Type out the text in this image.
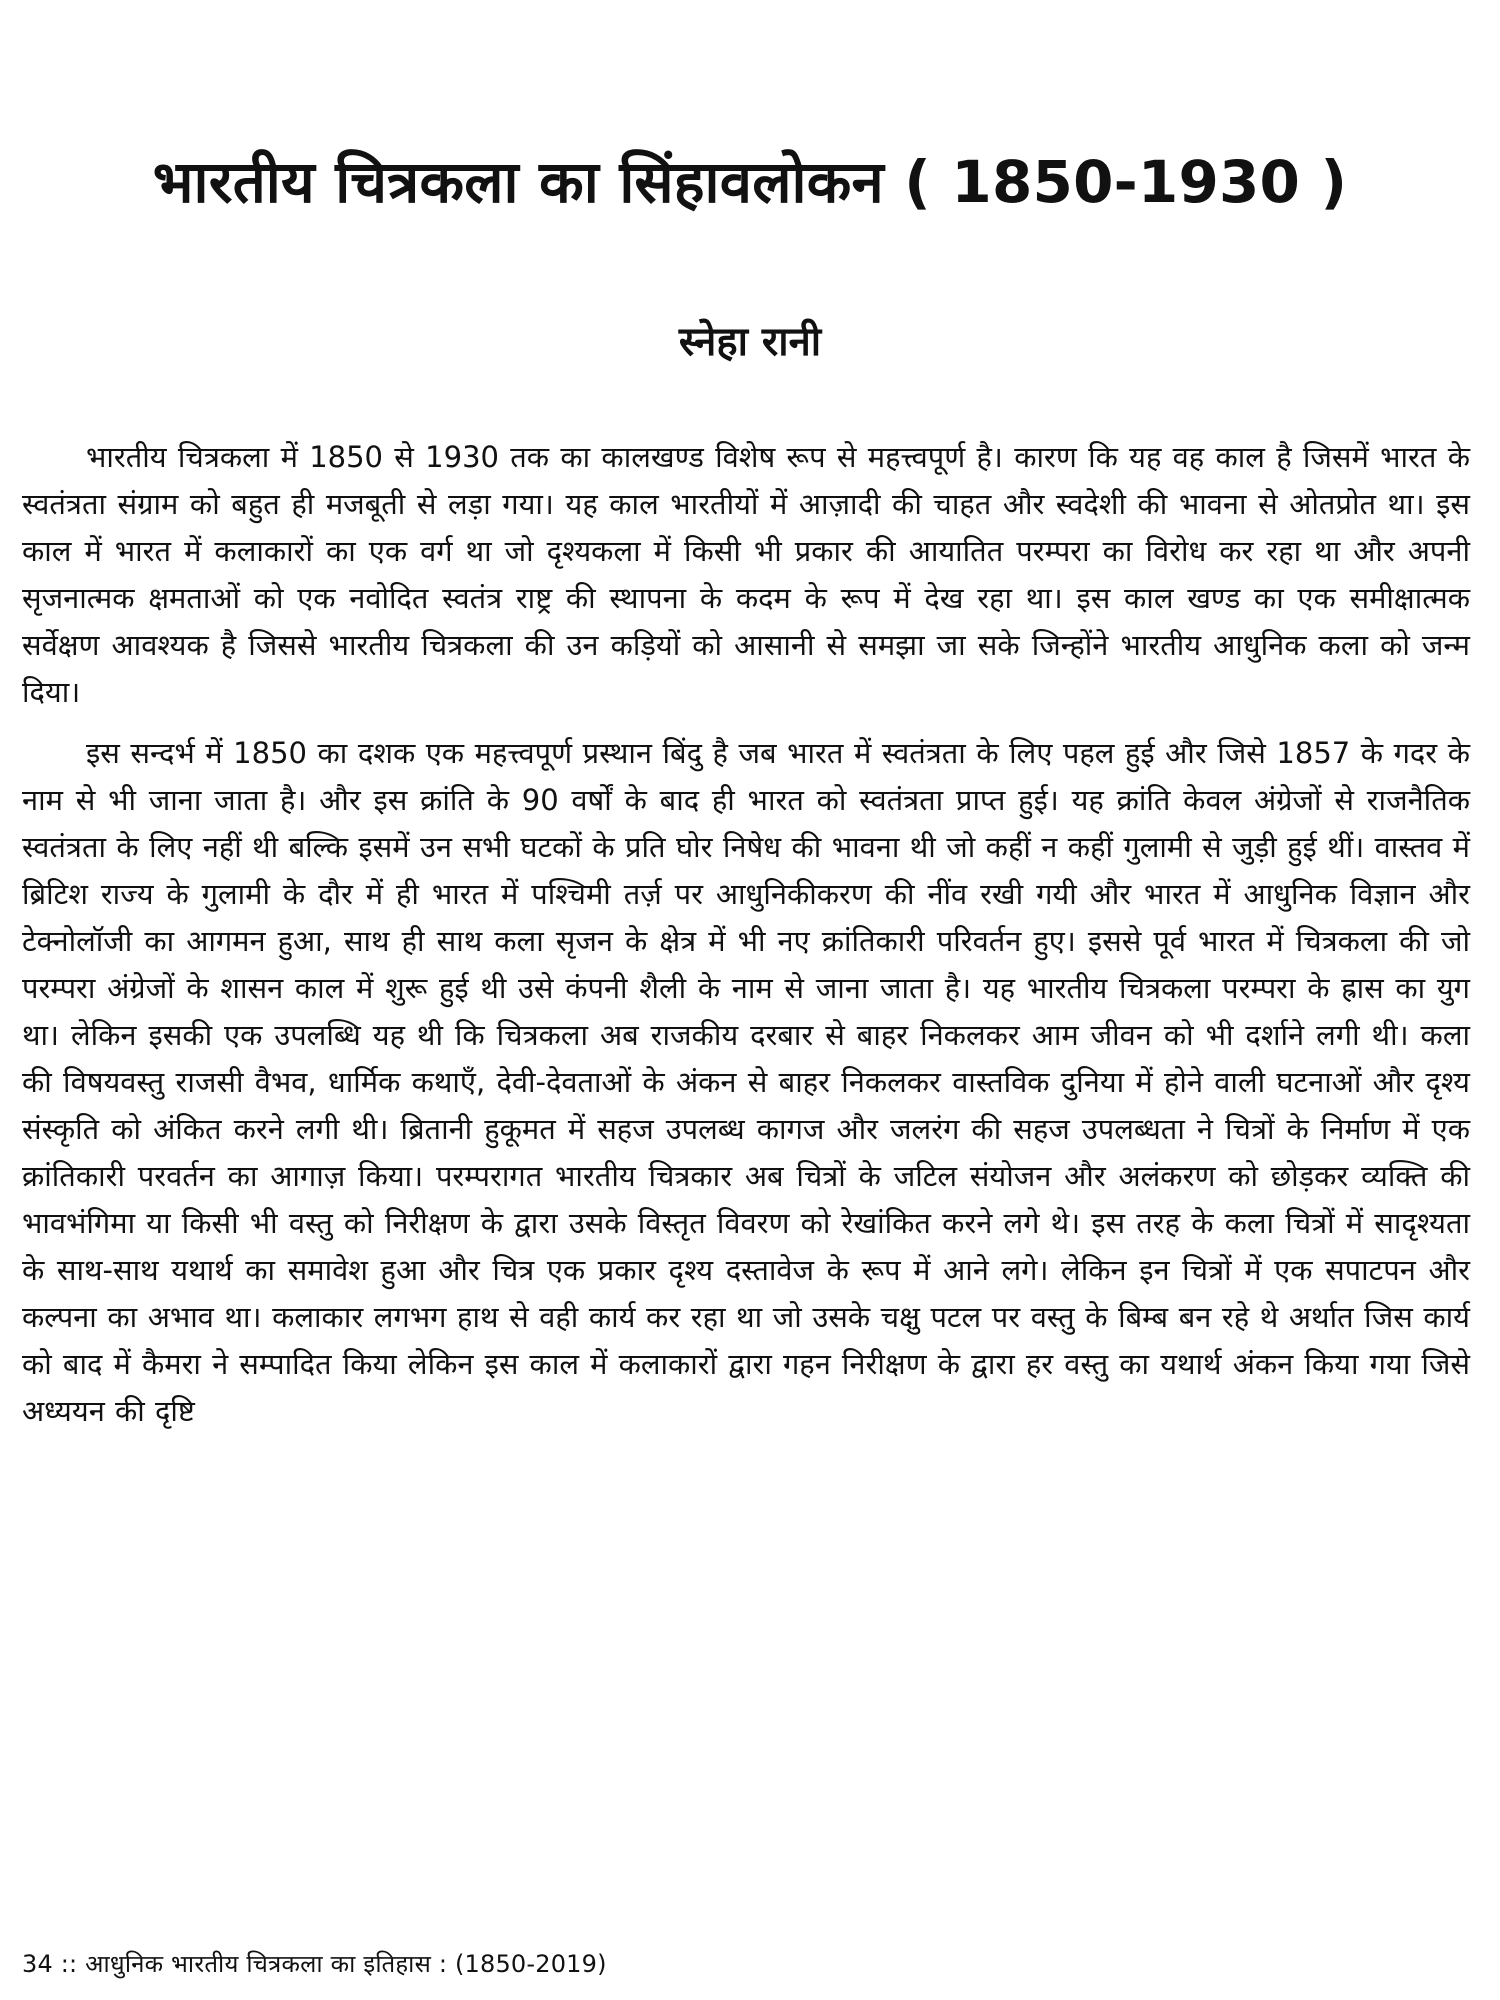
भारतीय चित्रकला का सिंहावलोकन ( 1850-1930 )
स्नेहा रानी

भारतीय चित्रकला में 1850 से 1930 तक का कालखण्ड विशेष रूप से महत्त्वपूर्ण है। कारण कि यह वह काल है जिसमें भारत के स्वतंत्रता संग्राम को बहुत ही मजबूती से लड़ा गया। यह काल भारतीयों में आज़ादी की चाहत और स्वदेशी की भावना से ओतप्रोत था। इस काल में भारत में कलाकारों का एक वर्ग था जो दृश्यकला में किसी भी प्रकार की आयातित परम्परा का विरोध कर रहा था और अपनी सृजनात्मक क्षमताओं को एक नवोदित स्वतंत्र राष्ट्र की स्थापना के कदम के रूप में देख रहा था। इस काल खण्ड का एक समीक्षात्मक सर्वेक्षण आवश्यक है जिससे भारतीय चित्रकला की उन कड़ियों को आसानी से समझा जा सके जिन्होंने भारतीय आधुनिक कला को जन्म दिया।

इस सन्दर्भ में 1850 का दशक एक महत्त्वपूर्ण प्रस्थान बिंदु है जब भारत में स्वतंत्रता के लिए पहल हुई और जिसे 1857 के गदर के नाम से भी जाना जाता है। और इस क्रांति के 90 वर्षों के बाद ही भारत को स्वतंत्रता प्राप्त हुई। यह क्रांति केवल अंग्रेजों से राजनैतिक स्वतंत्रता के लिए नहीं थी बल्कि इसमें उन सभी घटकों के प्रति घोर निषेध की भावना थी जो कहीं न कहीं गुलामी से जुड़ी हुई थीं। वास्तव में ब्रिटिश राज्य के गुलामी के दौर में ही भारत में पश्चिमी तर्ज़ पर आधुनिकीकरण की नींव रखी गयी और भारत में आधुनिक विज्ञान और टेक्नोलॉजी का आगमन हुआ, साथ ही साथ कला सृजन के क्षेत्र में भी नए क्रांतिकारी परिवर्तन हुए। इससे पूर्व भारत में चित्रकला की जो परम्परा अंग्रेजों के शासन काल में शुरू हुई थी उसे कंपनी शैली के नाम से जाना जाता है। यह भारतीय चित्रकला परम्परा के ह्रास का युग था। लेकिन इसकी एक उपलब्धि यह थी कि चित्रकला अब राजकीय दरबार से बाहर निकलकर आम जीवन को भी दर्शाने लगी थी। कला की विषयवस्तु राजसी वैभव, धार्मिक कथाएँ, देवी-देवताओं के अंकन से बाहर निकलकर वास्तविक दुनिया में होने वाली घटनाओं और दृश्य संस्कृति को अंकित करने लगी थी। ब्रितानी हुकूमत में सहज उपलब्ध कागज और जलरंग की सहज उपलब्धता ने चित्रों के निर्माण में एक क्रांतिकारी परवर्तन का आगाज़ किया। परम्परागत भारतीय चित्रकार अब चित्रों के जटिल संयोजन और अलंकरण को छोड़कर व्यक्ति की भावभंगिमा या किसी भी वस्तु को निरीक्षण के द्वारा उसके विस्तृत विवरण को रेखांकित करने लगे थे। इस तरह के कला चित्रों में सादृश्यता के साथ-साथ यथार्थ का समावेश हुआ और चित्र एक प्रकार दृश्य दस्तावेज के रूप में आने लगे। लेकिन इन चित्रों में एक सपाटपन और कल्पना का अभाव था। कलाकार लगभग हाथ से वही कार्य कर रहा था जो उसके चक्षु पटल पर वस्तु के बिम्ब बन रहे थे अर्थात जिस कार्य को बाद में कैमरा ने सम्पादित किया लेकिन इस काल में कलाकारों द्वारा गहन निरीक्षण के द्वारा हर वस्तु का यथार्थ अंकन किया गया जिसे अध्ययन की दृष्टि

34 :: आधुनिक भारतीय चित्रकला का इतिहास : (1850-2019)
